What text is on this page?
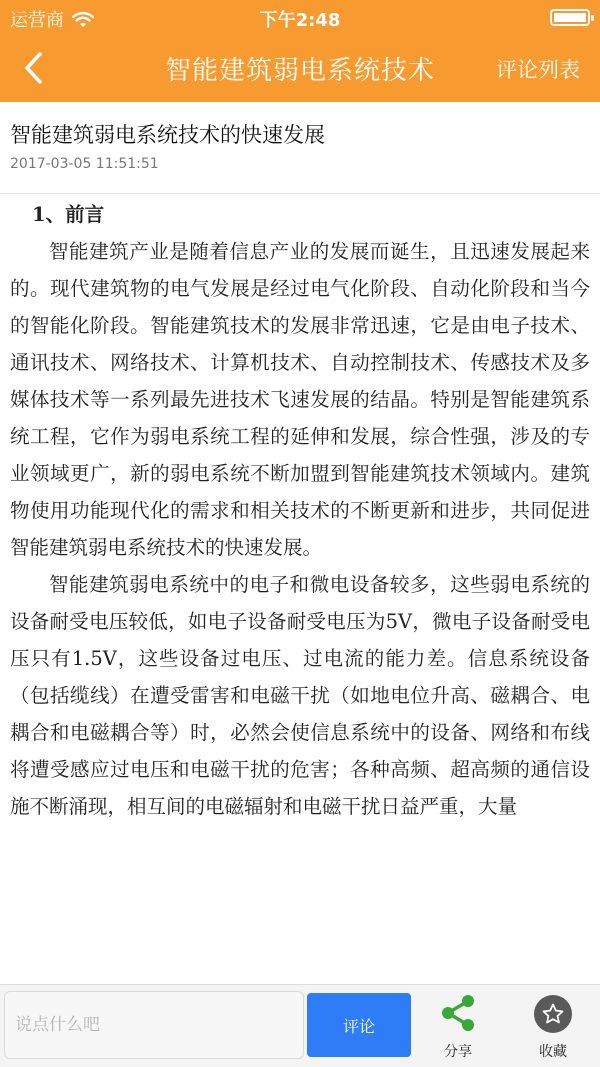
运营商	下午2:48
智能建筑弱电系统技术	评论列表
智能建筑弱电系统技术的快速发展
2017-03-05 11:51:51
1、前言

智能建筑产业是随着信息产业的发展而诞生，且迅速发展起来的。现代建筑物的电气发展是经过电气化阶段、自动化阶段和当今的智能化阶段。智能建筑技术的发展非常迅速，它是由电子技术、通讯技术、网络技术、计算机技术、自动控制技术、传感技术及多媒体技术等一系列最先进技术飞速发展的结晶。特别是智能建筑系统工程，它作为弱电系统工程的延伸和发展，综合性强，涉及的专业领域更广，新的弱电系统不断加盟到智能建筑技术领域内。建筑物使用功能现代化的需求和相关技术的不断更新和进步，共同促进智能建筑弱电系统技术的快速发展。

智能建筑弱电系统中的电子和微电设备较多，这些弱电系统的设备耐受电压较低，如电子设备耐受电压为5V，微电子设备耐受电压只有1.5V，这些设备过电压、过电流的能力差。信息系统设备（包括缆线）在遭受雷害和电磁干扰（如地电位升高、磁耦合、电耦合和电磁耦合等）时，必然会使信息系统中的设备、网络和布线将遭受感应过电压和电磁干扰的危害；各种高频、超高频的通信设施不断涌现，相互间的电磁辐射和电磁干扰日益严重，大量

说点什么吧
评论
分享	收藏
